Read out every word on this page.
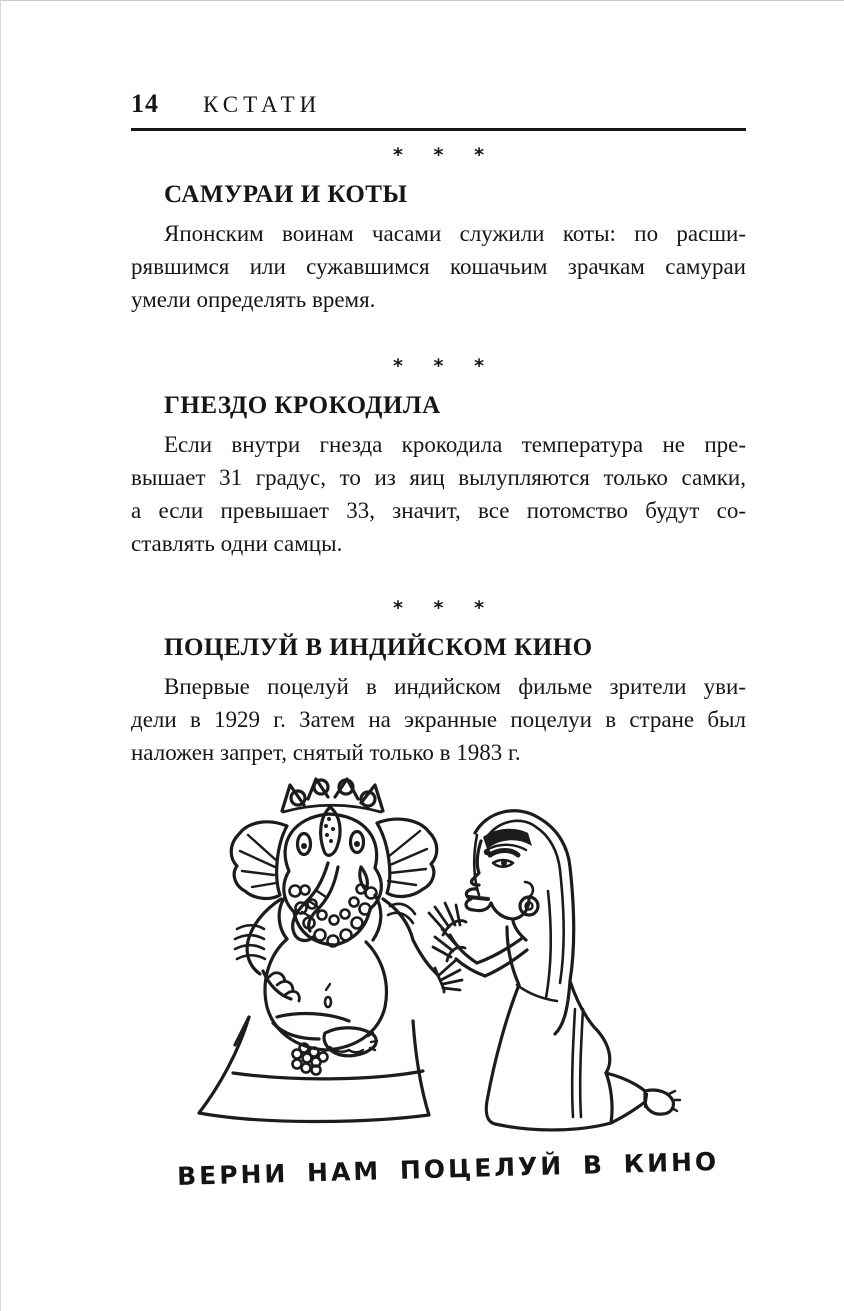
14 КСТАТИ
* * *
САМУРАИ И КОТЫ
Японским воинам часами служили коты: по расши-
рявшимся или сужавшимся кошачьим зрачкам самураи
умели определять время.
* * *
ГНЕЗДО КРОКОДИЛА
Если внутри гнезда крокодила температура не пре-
вышает 31 градус, то из яиц вылупляются только самки,
а если превышает 33, значит, все потомство будут со-
ставлять одни самцы.
* * *
ПОЦЕЛУЙ В ИНДИЙСКОМ КИНО
Впервые поцелуй в индийском фильме зрители уви-
дели в 1929 г. Затем на экранные поцелуи в стране был
наложен запрет, снятый только в 1983 г.
ВЕРНИ НАМ ПОЦЕЛУЙ В КИНО
